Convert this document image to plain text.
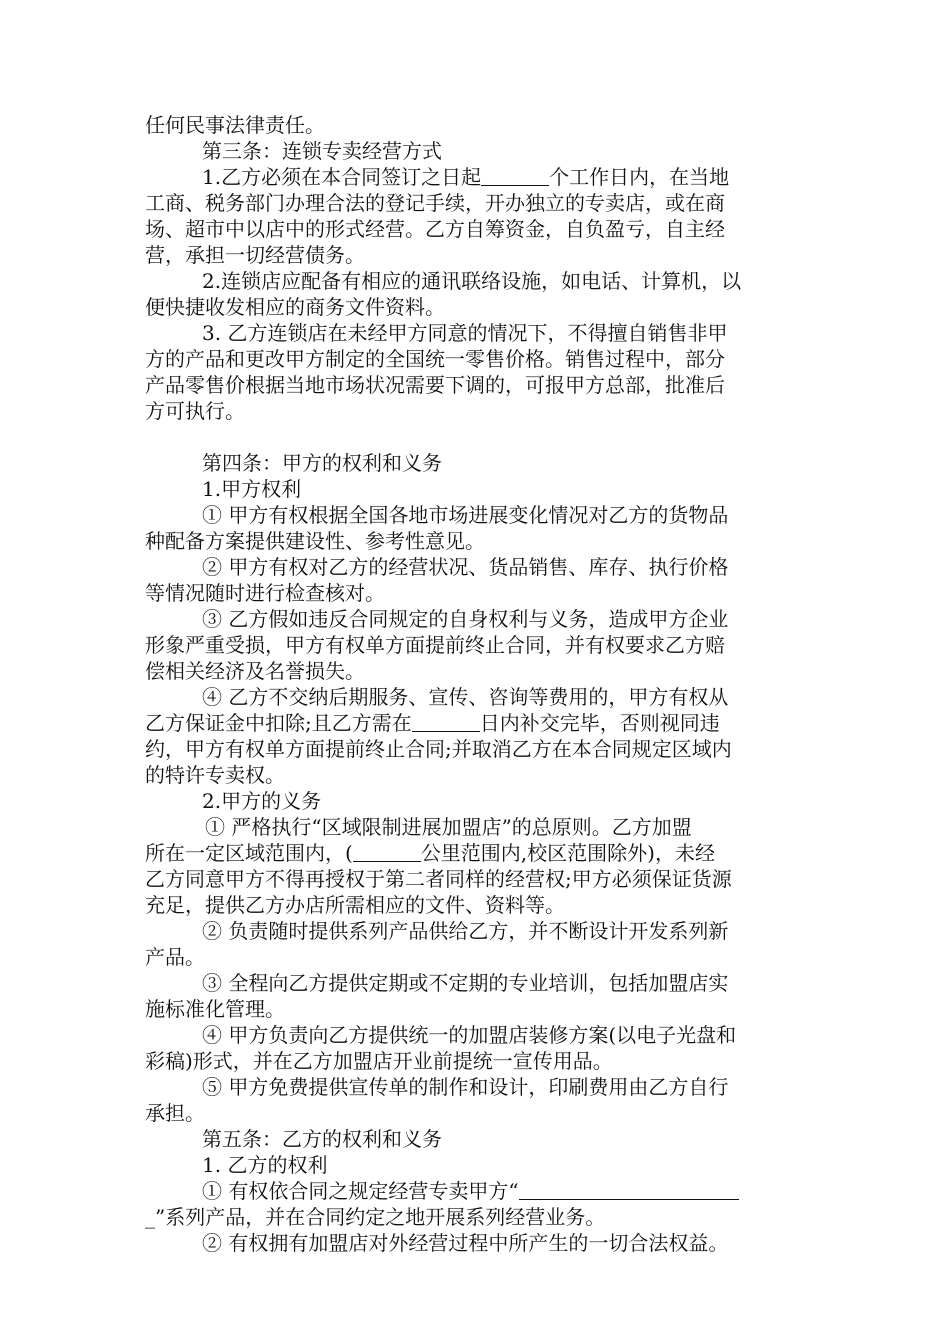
任何民事法律责任。

第三条：连锁专卖经营方式

1.乙方必须在本合同签订之日起	个工作日内，在当地

工商、税务部门办理合法的登记手续，开办独立的专卖店，或在商

场、超市中以店中的形式经营。乙方自筹资金，自负盈亏，自主经

营，承担一切经营债务。

2.连锁店应配备有相应的通讯联络设施，如电话、计算机，以

便快捷收发相应的商务文件资料。

3. 乙方连锁店在未经甲方同意的情况下，不得擅自销售非甲

方的产品和更改甲方制定的全国统一零售价格。销售过程中，部分

产品零售价根据当地市场状况需要下调的，可报甲方总部，批准后

方可执行。

第四条：甲方的权利和义务

1.甲方权利

① 甲方有权根据全国各地市场进展变化情况对乙方的货物品

种配备方案提供建设性、参考性意见。

② 甲方有权对乙方的经营状况、货品销售、库存、执行价格

等情况随时进行检查核对。

③ 乙方假如违反合同规定的自身权利与义务，造成甲方企业

形象严重受损，甲方有权单方面提前终止合同，并有权要求乙方赔

偿相关经济及名誉损失。

④ 乙方不交纳后期服务、宣传、咨询等费用的，甲方有权从

乙方保证金中扣除;且乙方需在	日内补交完毕，否则视同违

约，甲方有权单方面提前终止合同;并取消乙方在本合同规定区域内

的特许专卖权。

2.甲方的义务

① 严格执行“区域限制进展加盟店”的总原则。乙方加盟

所在一定区域范围内，(	公里范围内,校区范围除外)，未经

乙方同意甲方不得再授权于第二者同样的经营权;甲方必须保证货源

充足，提供乙方办店所需相应的文件、资料等。

② 负责随时提供系列产品供给乙方，并不断设计开发系列新

产品。

③ 全程向乙方提供定期或不定期的专业培训，包括加盟店实

施标准化管理。

④ 甲方负责向乙方提供统一的加盟店装修方案(以电子光盘和

彩稿)形式，并在乙方加盟店开业前提统一宣传用品。

⑤ 甲方免费提供宣传单的制作和设计，印刷费用由乙方自行

承担。

第五条：乙方的权利和义务

1. 乙方的权利

① 有权依合同之规定经营专卖甲方“

_”系列产品，并在合同约定之地开展系列经营业务。

② 有权拥有加盟店对外经营过程中所产生的一切合法权益。
